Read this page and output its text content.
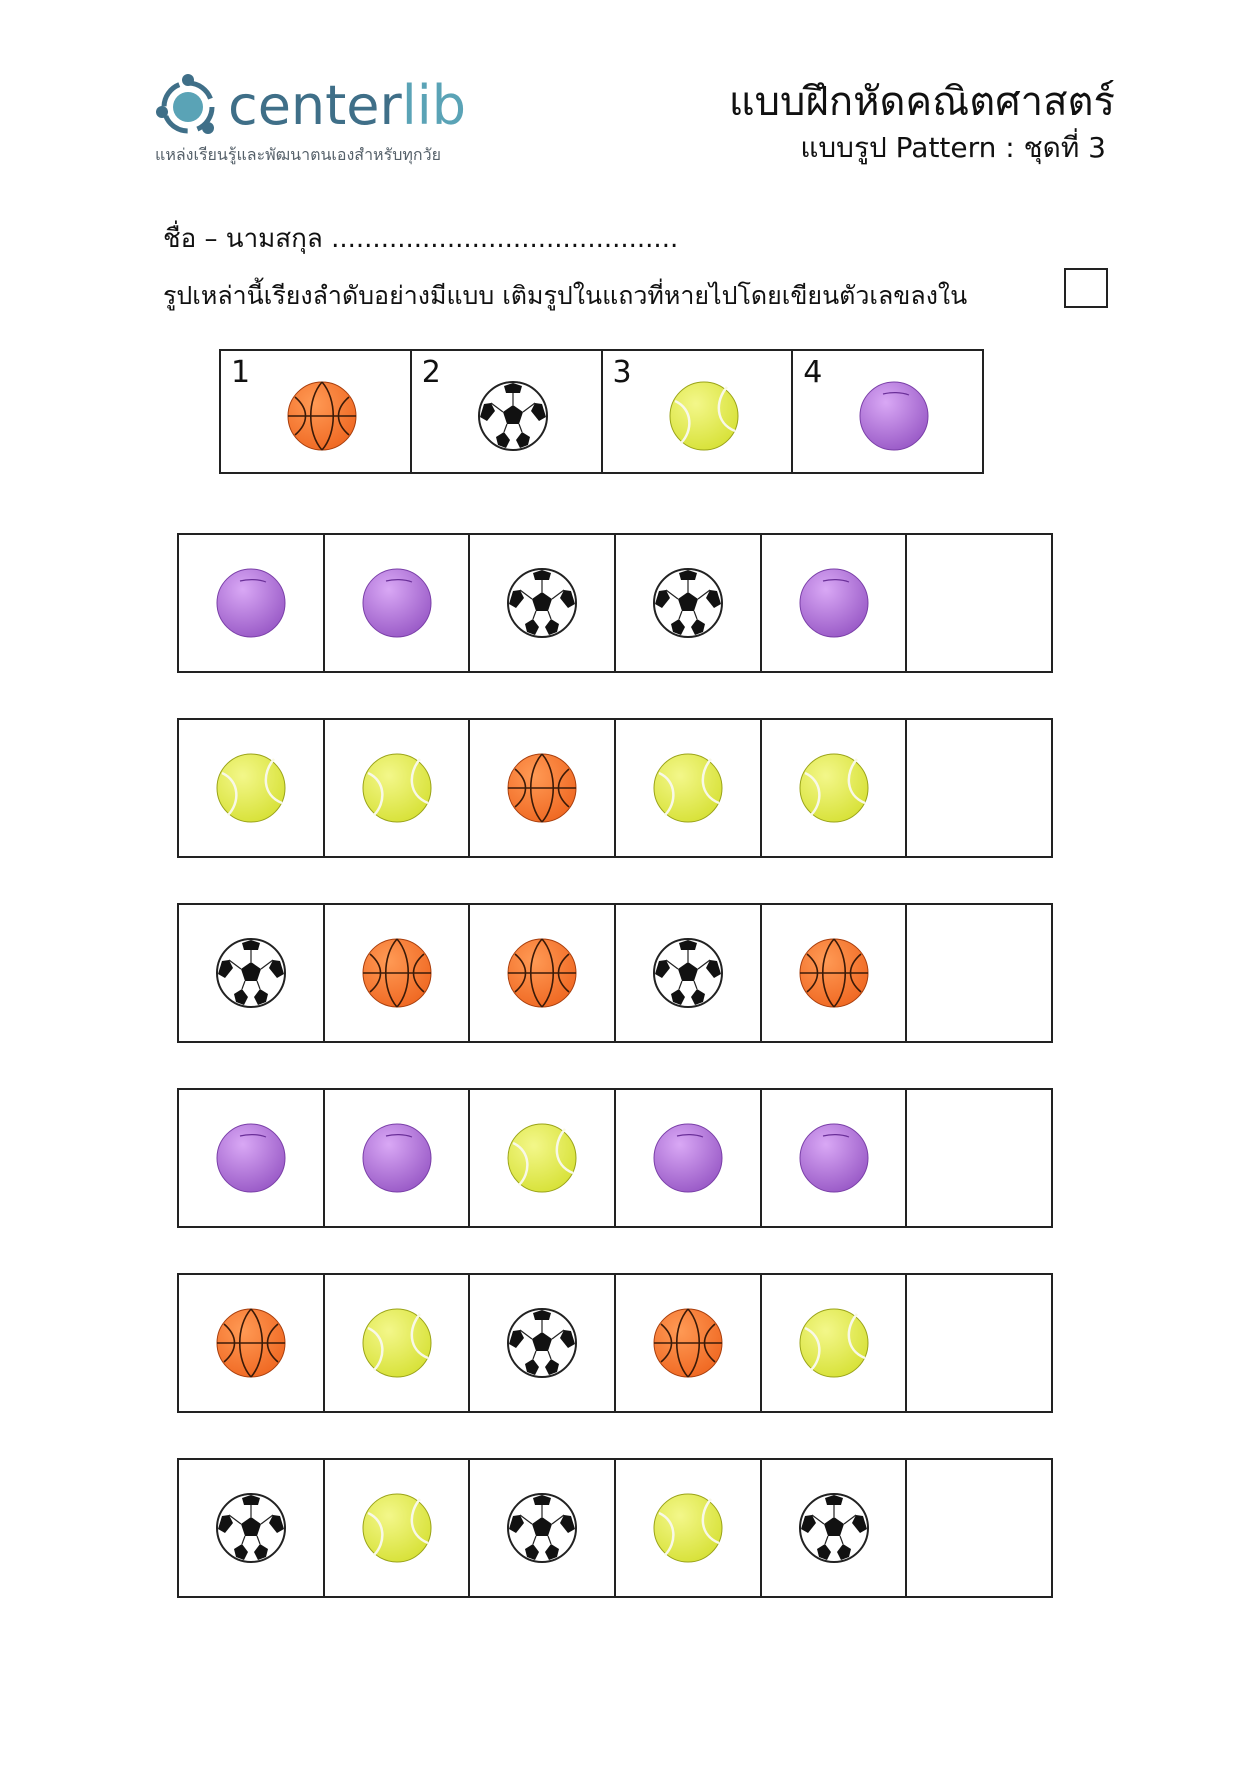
centerlib
แหล่งเรียนรู้และพัฒนาตนเองสำหรับทุกวัย
แบบฝึกหัดคณิตศาสตร์
แบบรูป Pattern : ชุดที่ 3
ชื่อ – นามสกุล ..........................................
รูปเหล่านี้เรียงลำดับอย่างมีแบบ เติมรูปในแถวที่หายไปโดยเขียนตัวเลขลงใน
1	2	3	4
